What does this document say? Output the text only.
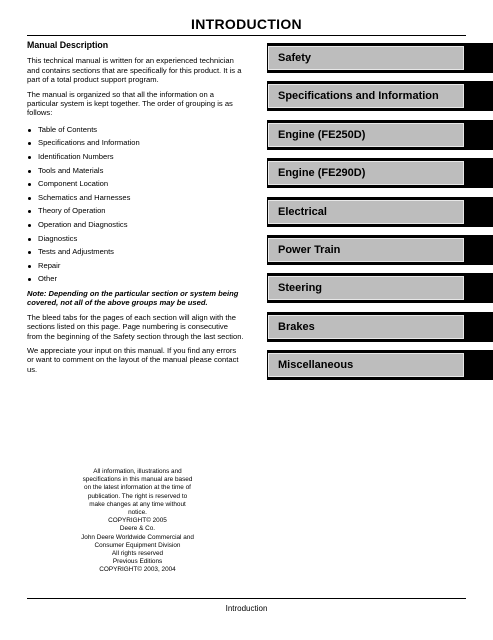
INTRODUCTION
Manual Description

This technical manual is written for an experienced technician and contains sections that are specifically for this product. It is a part of a total product support program.

The manual is organized so that all the information on a particular system is kept together. The order of grouping is as follows:

Table of Contents
Specifications and Information
Identification Numbers
Tools and Materials
Component Location
Schematics and Harnesses
Theory of Operation
Operation and Diagnostics
Diagnostics
Tests and Adjustments
Repair
Other

Note: Depending on the particular section or system being covered, not all of the above groups may be used.

The bleed tabs for the pages of each section will align with the sections listed on this page. Page numbering is consecutive from the beginning of the Safety section through the last section.

We appreciate your input on this manual. If you find any errors or want to comment on the layout of the manual please contact us.

All information, illustrations and
specifications in this manual are based
on the latest information at the time of
publication. The right is reserved to
make changes at any time without
notice.
COPYRIGHT© 2005
Deere & Co.
John Deere Worldwide Commercial and
Consumer Equipment Division
All rights reserved
Previous Editions
COPYRIGHT© 2003, 2004
Safety
Specifications and Information
Engine (FE250D)
Engine (FE290D)
Electrical
Power Train
Steering
Brakes
Miscellaneous
Introduction
